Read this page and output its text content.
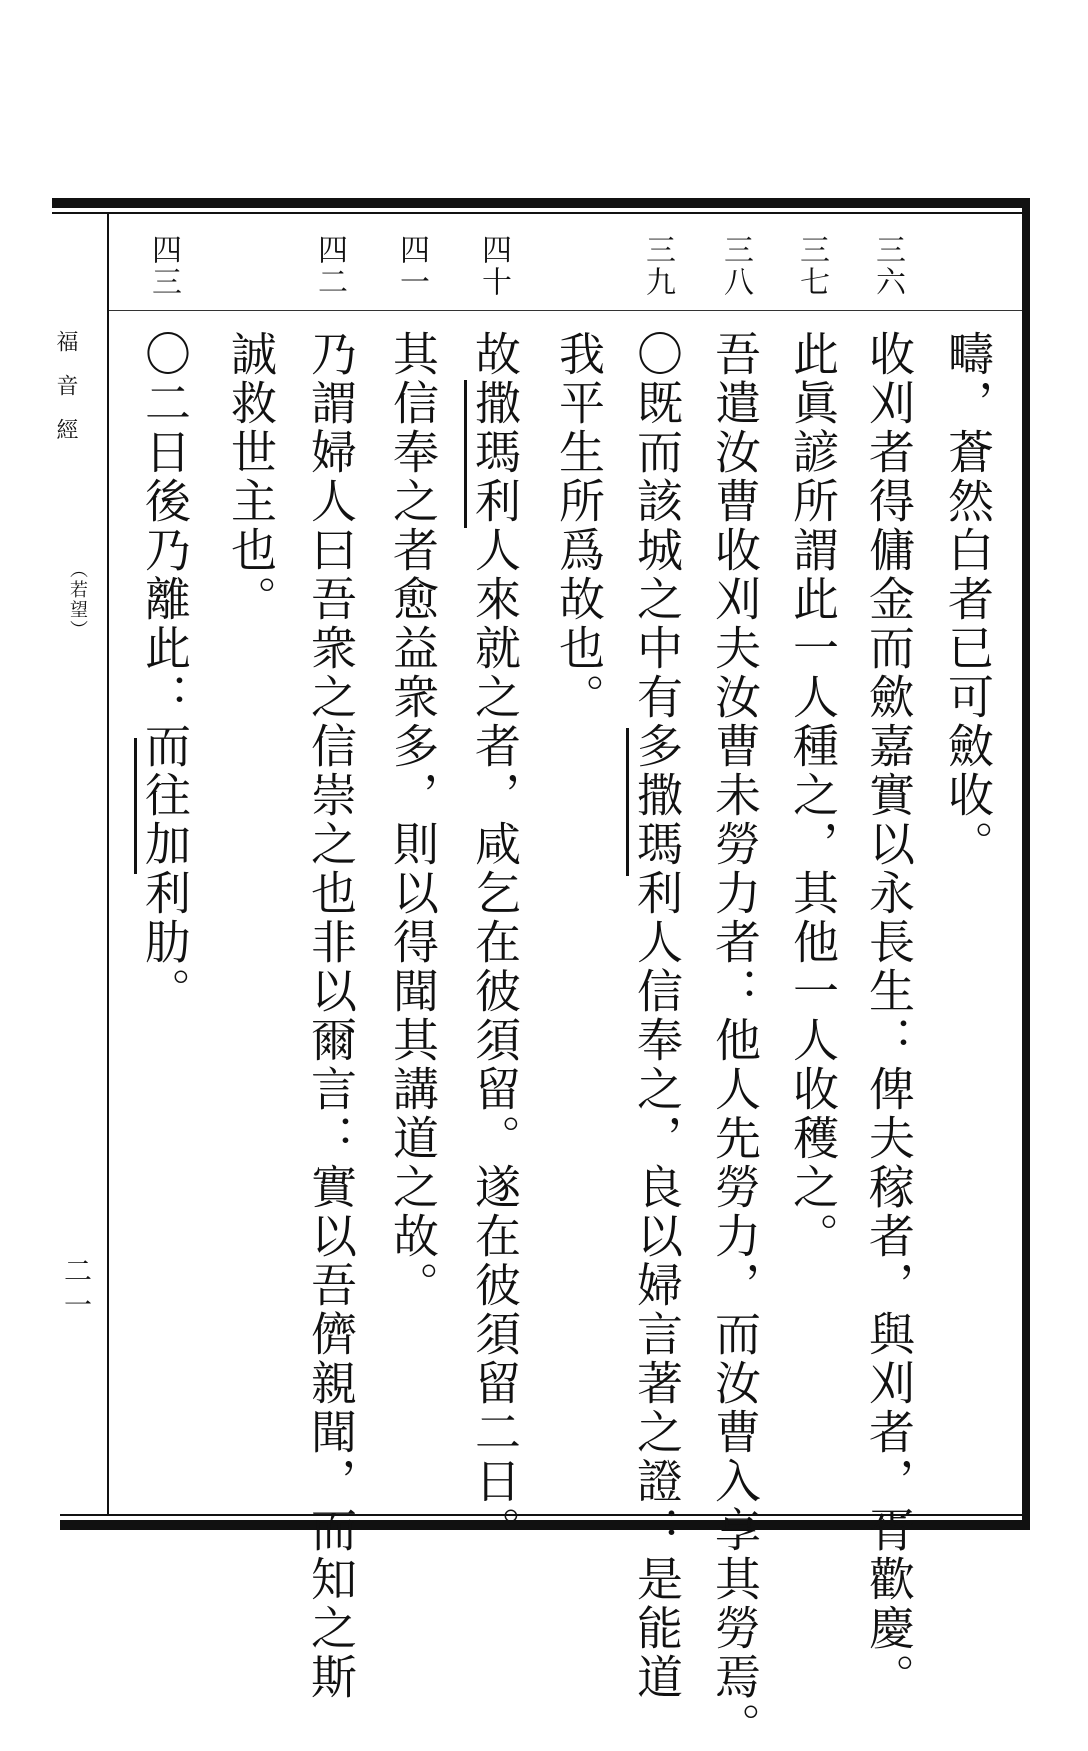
福音經
（若望）
二一
三六
三七
三八
三九
四十
四一
四二
四三
疇，蒼然白者已可斂收。
收刈者得傭金而歛嘉實以永長生：俾夫稼者，與刈者，胥歡慶。
此眞諺所謂此一人種之，其他一人收穫之。
吾遣汝曹收刈夫汝曹未勞力者：他人先勞力，而汝曹入享其勞焉。
〇既而該城之中有多撒瑪利人信奉之，良以婦言著之證：是能道
我平生所爲故也。
故撒瑪利人來就之者，咸乞在彼須留。遂在彼須留二日。
其信奉之者愈益衆多，則以得聞其講道之故。
乃謂婦人曰吾衆之信崇之也非以爾言：實以吾儕親聞，而知之斯
誠救世主也。
〇二日後乃離此：而往加利肋。
